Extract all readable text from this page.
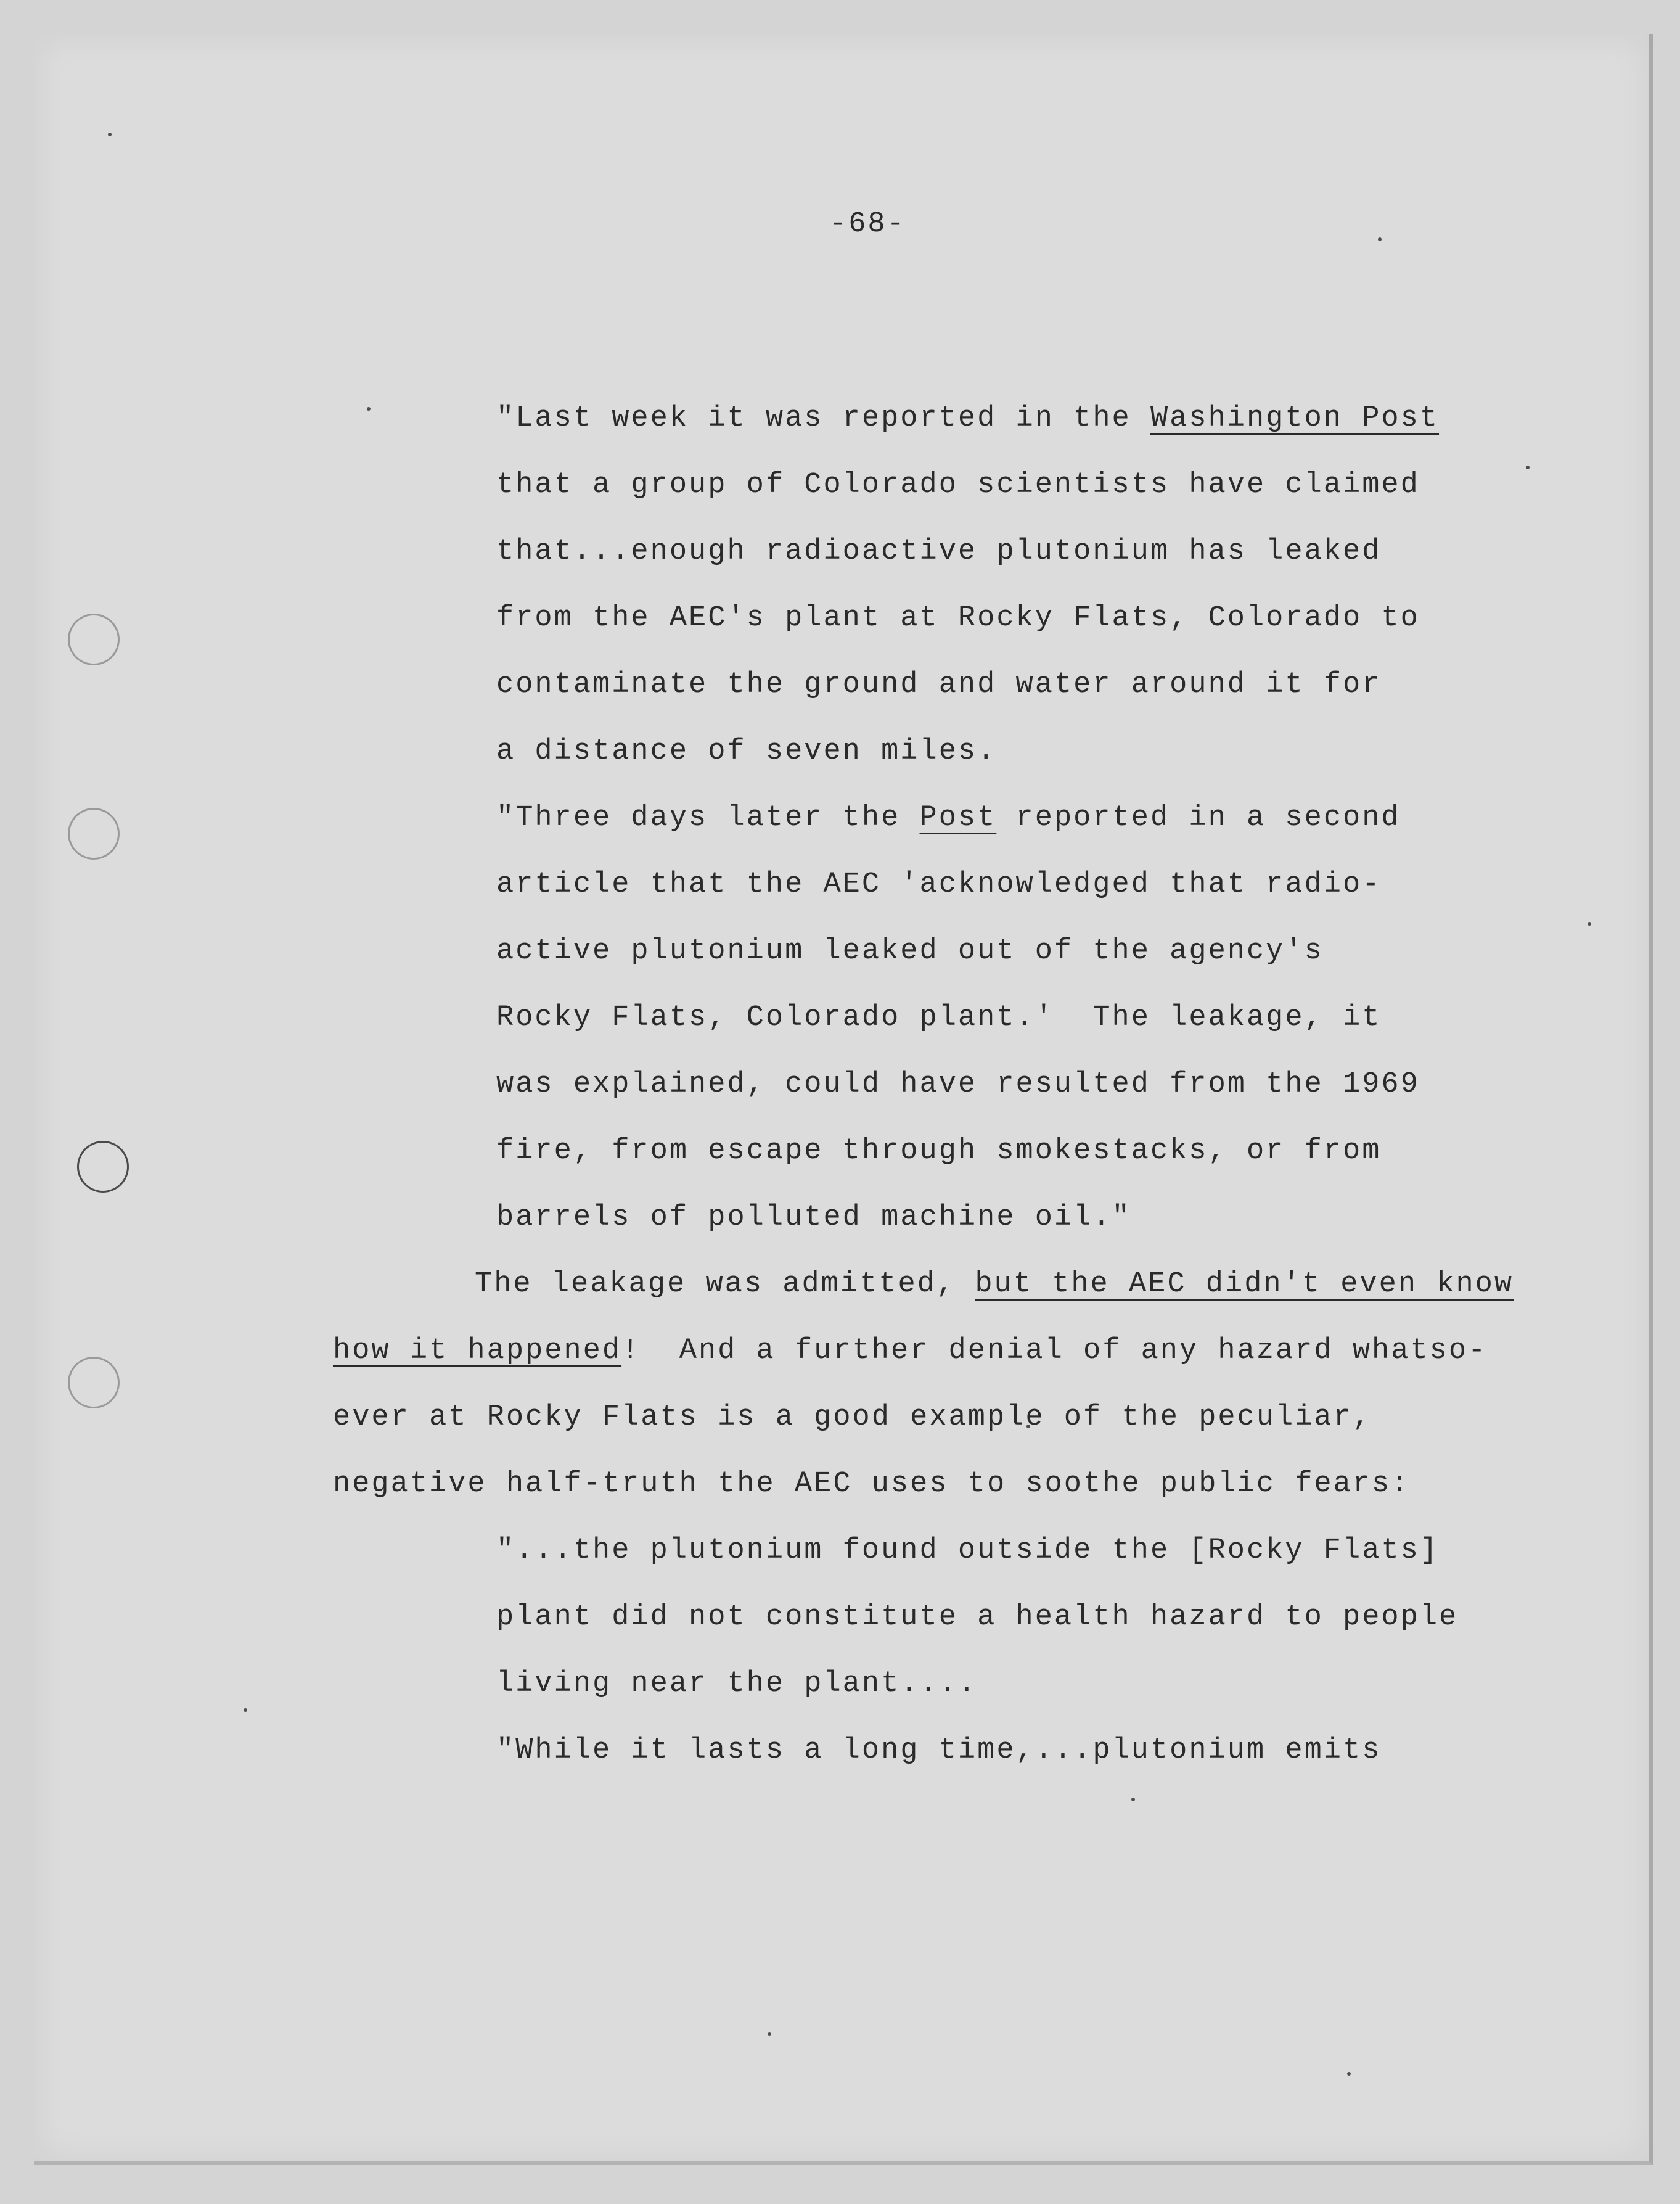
-68-
"Last week it was reported in the Washington Post
that a group of Colorado scientists have claimed
that...enough radioactive plutonium has leaked
from the AEC's plant at Rocky Flats, Colorado to
contaminate the ground and water around it for
a distance of seven miles.
"Three days later the Post reported in a second
article that the AEC 'acknowledged that radio-
active plutonium leaked out of the agency's
Rocky Flats, Colorado plant.'  The leakage, it
was explained, could have resulted from the 1969
fire, from escape through smokestacks, or from
barrels of polluted machine oil."
The leakage was admitted, but the AEC didn't even know
how it happened!  And a further denial of any hazard whatso-
ever at Rocky Flats is a good example of the peculiar,
negative half-truth the AEC uses to soothe public fears:
"...the plutonium found outside the [Rocky Flats]
plant did not constitute a health hazard to people
living near the plant....
"While it lasts a long time,...plutonium emits
